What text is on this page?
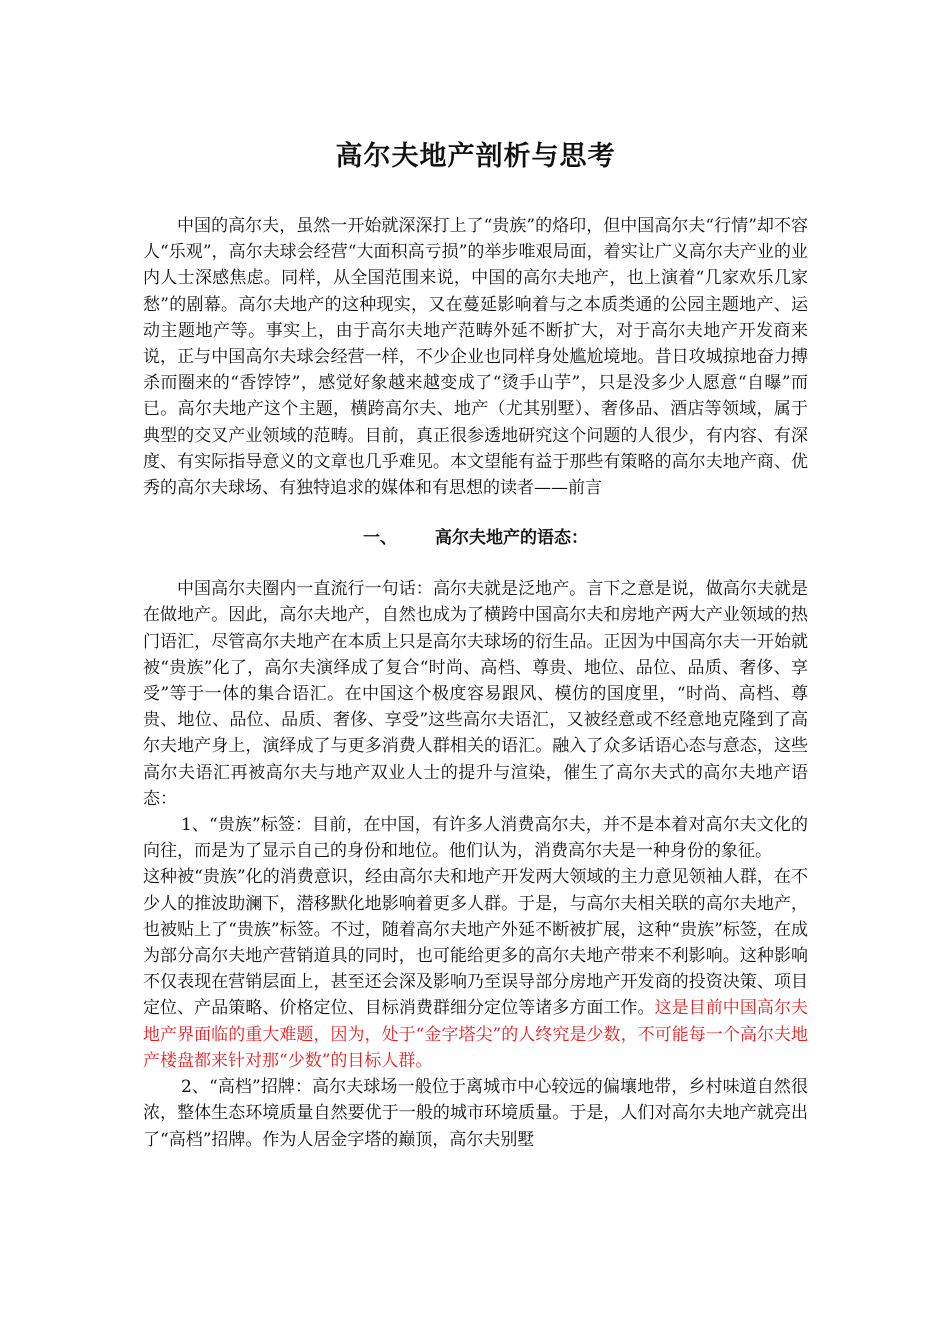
高尔夫地产剖析与思考

中国的高尔夫，虽然一开始就深深打上了“贵族”的烙印，但中国高尔夫“行情”却不容人“乐观”，高尔夫球会经营“大面积高亏损”的举步唯艰局面，着实让广义高尔夫产业的业内人士深感焦虑。同样，从全国范围来说，中国的高尔夫地产，也上演着“几家欢乐几家愁”的剧幕。高尔夫地产的这种现实，又在蔓延影响着与之本质类通的公园主题地产、运动主题地产等。事实上，由于高尔夫地产范畴外延不断扩大，对于高尔夫地产开发商来说，正与中国高尔夫球会经营一样，不少企业也同样身处尴尬境地。昔日攻城掠地奋力搏杀而圈来的“香饽饽”，感觉好象越来越变成了“烫手山芋”，只是没多少人愿意“自曝”而已。高尔夫地产这个主题，横跨高尔夫、地产（尤其别墅）、奢侈品、酒店等领域，属于典型的交叉产业领域的范畴。目前，真正很参透地研究这个问题的人很少，有内容、有深度、有实际指导意义的文章也几乎难见。本文望能有益于那些有策略的高尔夫地产商、优秀的高尔夫球场、有独特追求的媒体和有思想的读者——前言

一、 高尔夫地产的语态：

中国高尔夫圈内一直流行一句话：高尔夫就是泛地产。言下之意是说，做高尔夫就是在做地产。因此，高尔夫地产，自然也成为了横跨中国高尔夫和房地产两大产业领域的热门语汇，尽管高尔夫地产在本质上只是高尔夫球场的衍生品。正因为中国高尔夫一开始就被“贵族”化了，高尔夫演绎成了复合“时尚、高档、尊贵、地位、品位、品质、奢侈、享受”等于一体的集合语汇。在中国这个极度容易跟风、模仿的国度里，“时尚、高档、尊贵、地位、品位、品质、奢侈、享受”这些高尔夫语汇，又被经意或不经意地克隆到了高尔夫地产身上，演绎成了与更多消费人群相关的语汇。融入了众多话语心态与意态，这些高尔夫语汇再被高尔夫与地产双业人士的提升与渲染，催生了高尔夫式的高尔夫地产语态：

1、“贵族”标签：目前，在中国，有许多人消费高尔夫，并不是本着对高尔夫文化的向往，而是为了显示自己的身份和地位。他们认为，消费高尔夫是一种身份的象征。

这种被“贵族”化的消费意识，经由高尔夫和地产开发两大领域的主力意见领袖人群，在不少人的推波助澜下，潜移默化地影响着更多人群。于是，与高尔夫相关联的高尔夫地产，也被贴上了“贵族”标签。不过，随着高尔夫地产外延不断被扩展，这种“贵族”标签，在成为部分高尔夫地产营销道具的同时，也可能给更多的高尔夫地产带来不利影响。这种影响不仅表现在营销层面上，甚至还会深及影响乃至误导部分房地产开发商的投资决策、项目定位、产品策略、价格定位、目标消费群细分定位等诸多方面工作。这是目前中国高尔夫地产界面临的重大难题，因为，处于“金字塔尖”的人终究是少数，不可能每一个高尔夫地产楼盘都来针对那“少数”的目标人群。

2、“高档”招牌：高尔夫球场一般位于离城市中心较远的偏壤地带，乡村味道自然很浓，整体生态环境质量自然要优于一般的城市环境质量。于是，人们对高尔夫地产就亮出了“高档”招牌。作为人居金字塔的巅顶，高尔夫别墅
